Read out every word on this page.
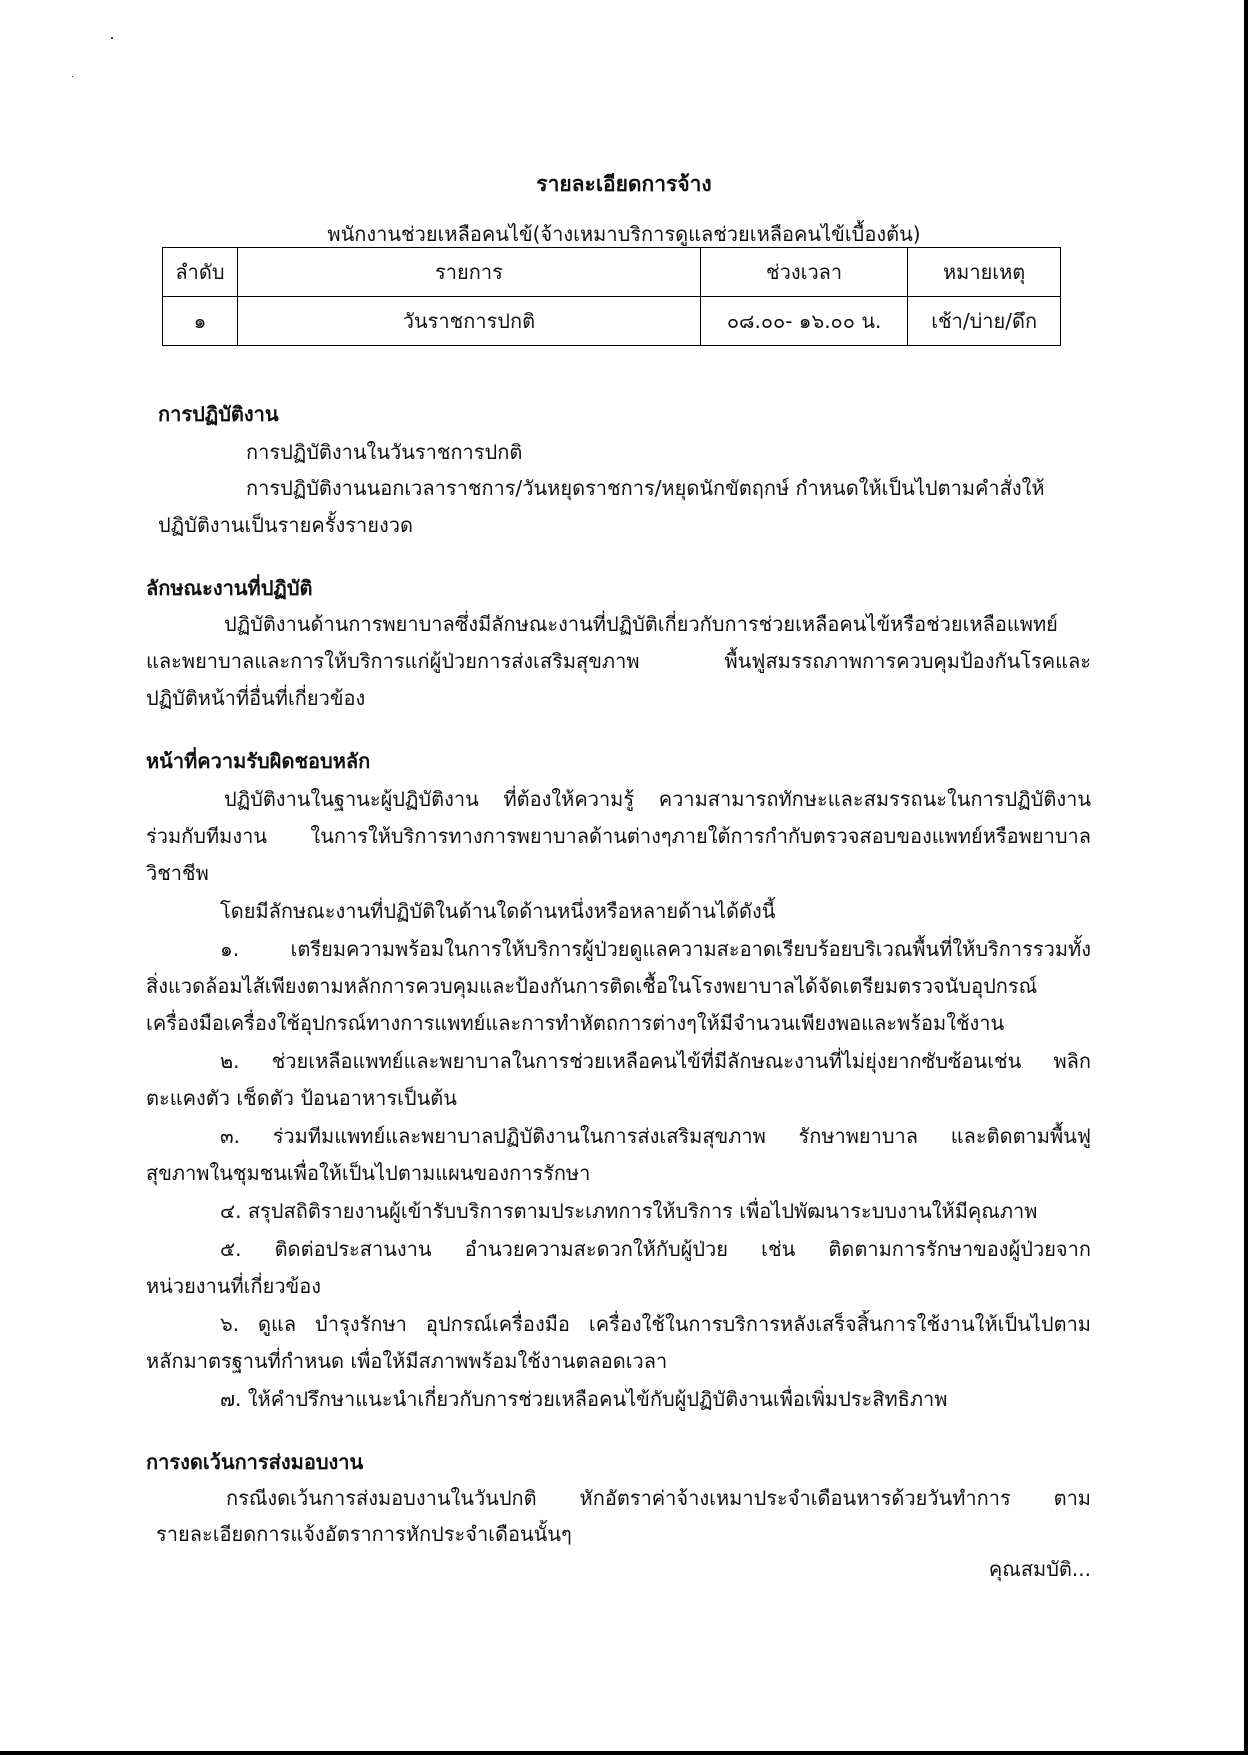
รายละเอียดการจ้าง
พนักงานช่วยเหลือคนไข้(จ้างเหมาบริการดูแลช่วยเหลือคนไข้เบื้องต้น)
ลำดับ	รายการ	ช่วงเวลา	หมายเหตุ
๑	วันราชการปกติ	๐๘.๐๐- ๑๖.๐๐ น.	เช้า/บ่าย/ดึก
การปฏิบัติงาน
การปฏิบัติงานในวันราชการปกติ
การปฏิบัติงานนอกเวลาราชการ/วันหยุดราชการ/หยุดนักขัตฤกษ์ กำหนดให้เป็นไปตามคำสั่งให้
ปฏิบัติงานเป็นรายครั้งรายงวด
ลักษณะงานที่ปฏิบัติ
ปฏิบัติงานด้านการพยาบาลซึ่งมีลักษณะงานที่ปฏิบัติเกี่ยวกับการช่วยเหลือคนไข้หรือช่วยเหลือแพทย์
และพยาบาลและการให้บริการแก่ผู้ป่วยการส่งเสริมสุขภาพ พื้นฟูสมรรถภาพการควบคุมป้องกันโรคและ
ปฏิบัติหน้าที่อื่นที่เกี่ยวข้อง
หน้าที่ความรับผิดชอบหลัก
ปฏิบัติงานในฐานะผู้ปฏิบัติงาน ที่ต้องให้ความรู้ ความสามารถทักษะและสมรรถนะในการปฏิบัติงาน
ร่วมกับทีมงาน ในการให้บริการทางการพยาบาลด้านต่างๆภายใต้การกำกับตรวจสอบของแพทย์หรือพยาบาล
วิชาชีพ
โดยมีลักษณะงานที่ปฏิบัติในด้านใดด้านหนึ่งหรือหลายด้านได้ดังนี้
๑. เตรียมความพร้อมในการให้บริการผู้ป่วยดูแลความสะอาดเรียบร้อยบริเวณพื้นที่ให้บริการรวมทั้ง
สิ่งแวดล้อมไส้เพียงตามหลักการควบคุมและป้องกันการติดเชื้อในโรงพยาบาลได้จัดเตรียมตรวจนับอุปกรณ์
เครื่องมือเครื่องใช้อุปกรณ์ทางการแพทย์และการทำหัตถการต่างๆให้มีจำนวนเพียงพอและพร้อมใช้งาน
๒. ช่วยเหลือแพทย์และพยาบาลในการช่วยเหลือคนไข้ที่มีลักษณะงานที่ไม่ยุ่งยากซับซ้อนเช่น พลิก
ตะแคงตัว เช็ดตัว ป้อนอาหารเป็นต้น
๓. ร่วมทีมแพทย์และพยาบาลปฏิบัติงานในการส่งเสริมสุขภาพ รักษาพยาบาล และติดตามพื้นฟู
สุขภาพในชุมชนเพื่อให้เป็นไปตามแผนของการรักษา
๔. สรุปสถิติรายงานผู้เข้ารับบริการตามประเภทการให้บริการ เพื่อไปพัฒนาระบบงานให้มีคุณภาพ
๕. ติดต่อประสานงาน อำนวยความสะดวกให้กับผู้ป่วย เช่น ติดตามการรักษาของผู้ป่วยจาก
หน่วยงานที่เกี่ยวข้อง
๖. ดูแล บำรุงรักษา อุปกรณ์เครื่องมือ เครื่องใช้ในการบริการหลังเสร็จสิ้นการใช้งานให้เป็นไปตาม
หลักมาตรฐานที่กำหนด เพื่อให้มีสภาพพร้อมใช้งานตลอดเวลา
๗. ให้คำปรึกษาแนะนำเกี่ยวกับการช่วยเหลือคนไข้กับผู้ปฏิบัติงานเพื่อเพิ่มประสิทธิภาพ
การงดเว้นการส่งมอบงาน
กรณีงดเว้นการส่งมอบงานในวันปกติ หักอัตราค่าจ้างเหมาประจำเดือนหารด้วยวันทำการ ตาม
รายละเอียดการแจ้งอัตราการหักประจำเดือนนั้นๆ
คุณสมบัติ...
